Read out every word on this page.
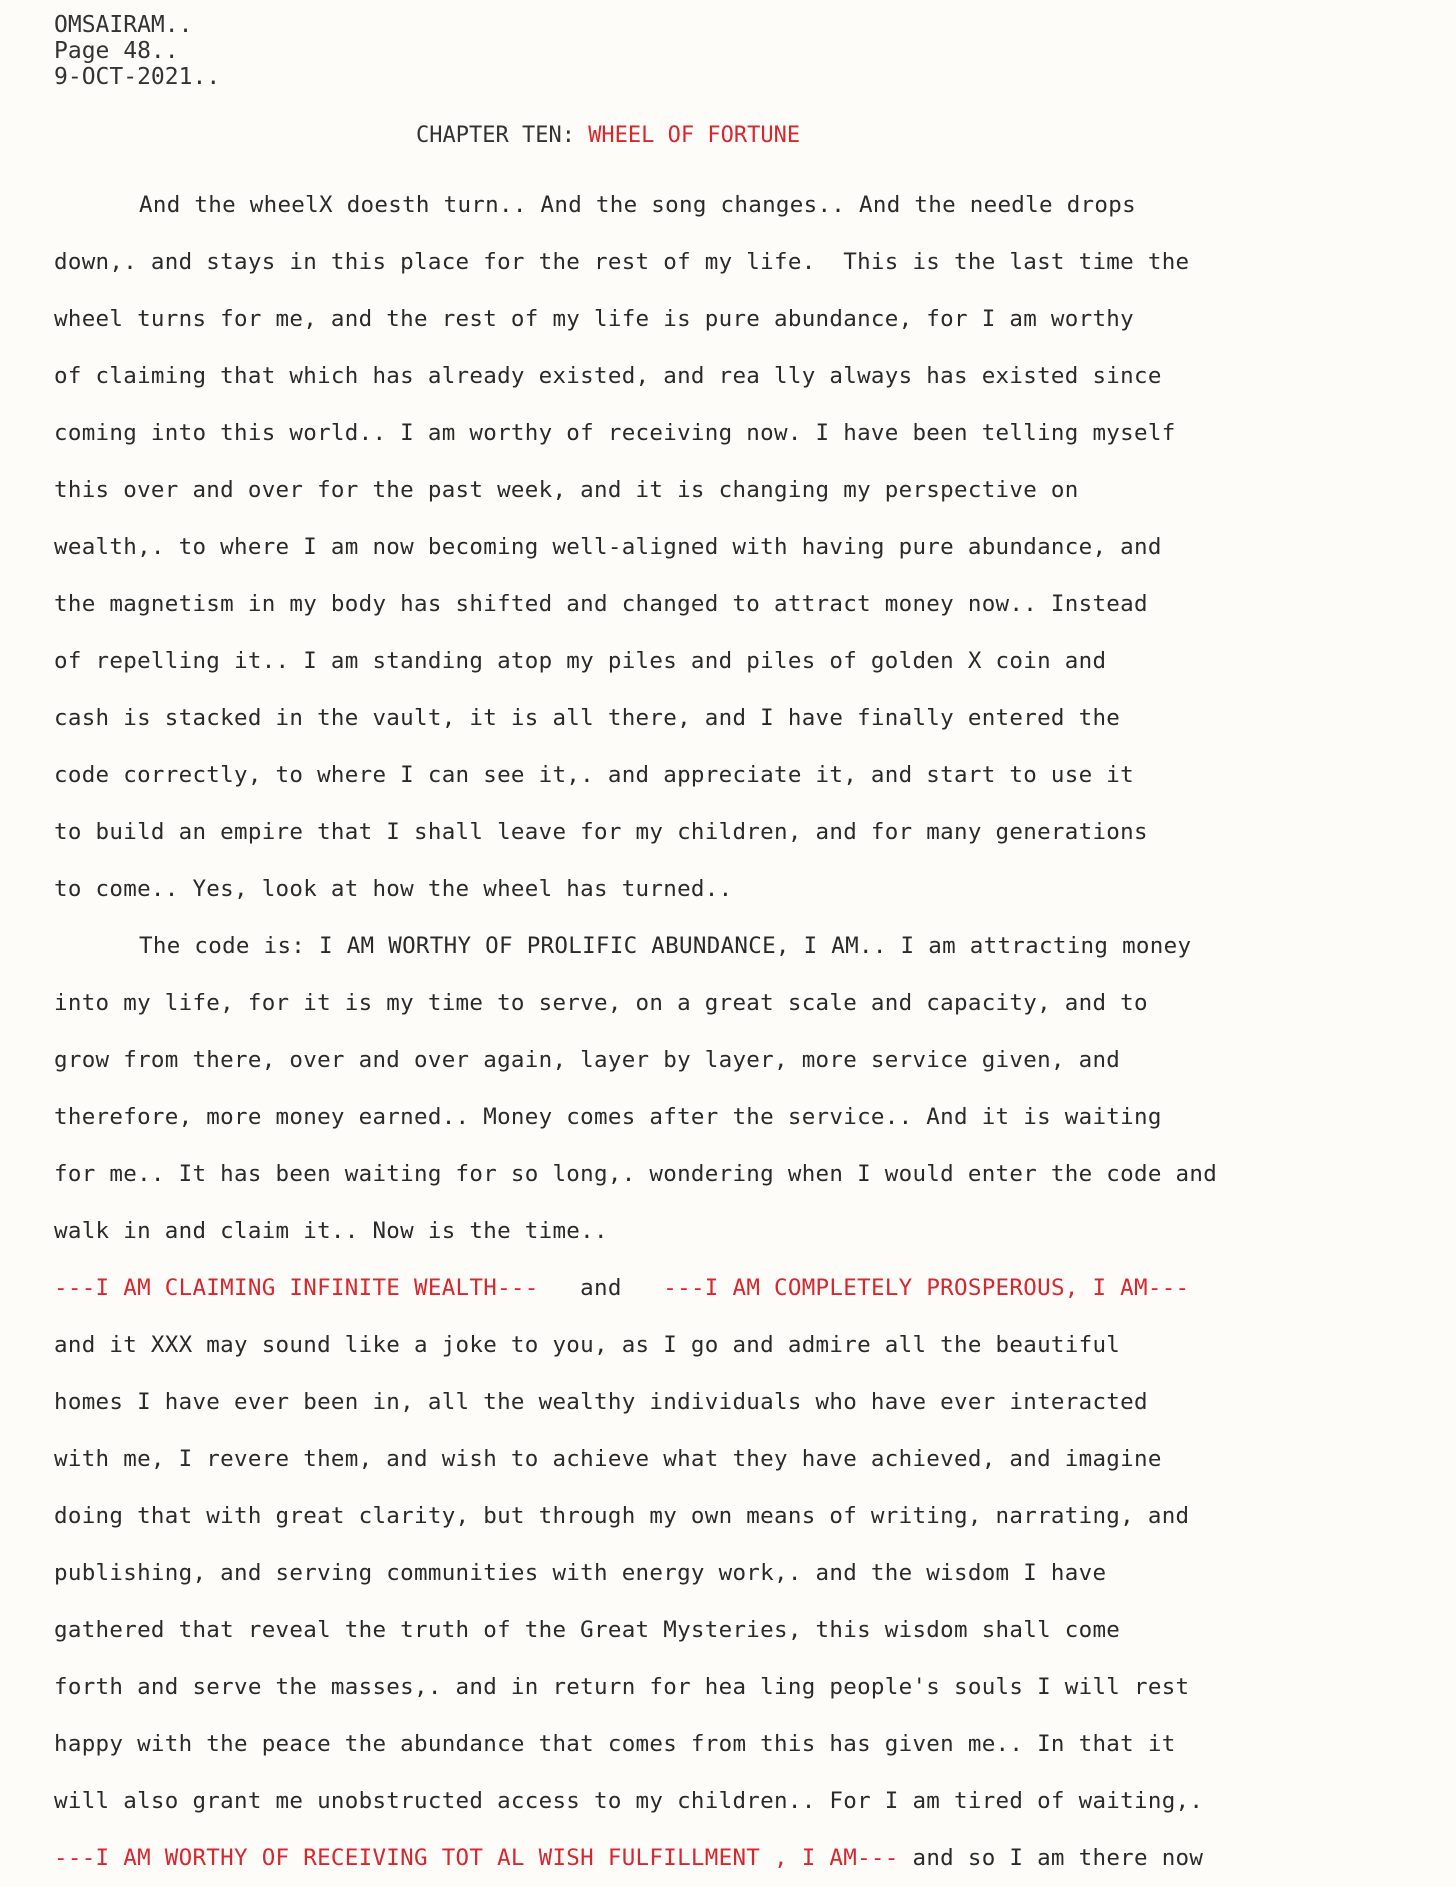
OMSAIRAM..
Page 48..
9-OCT-2021..
CHAPTER TEN: WHEEL OF FORTUNE
And the wheelX doesth turn.. And the song changes.. And the needle drops
down,. and stays in this place for the rest of my life.  This is the last time the
wheel turns for me, and the rest of my life is pure abundance, for I am worthy
of claiming that which has already existed, and rea lly always has existed since
coming into this world.. I am worthy of receiving now. I have been telling myself
this over and over for the past week, and it is changing my perspective on
wealth,. to where I am now becoming well-aligned with having pure abundance, and
the magnetism in my body has shifted and changed to attract money now.. Instead
of repelling it.. I am standing atop my piles and piles of golden X coin and
cash is stacked in the vault, it is all there, and I have finally entered the
code correctly, to where I can see it,. and appreciate it, and start to use it
to build an empire that I shall leave for my children, and for many generations
to come.. Yes, look at how the wheel has turned..
The code is: I AM WORTHY OF PROLIFIC ABUNDANCE, I AM.. I am attracting money
into my life, for it is my time to serve, on a great scale and capacity, and to
grow from there, over and over again, layer by layer, more service given, and
therefore, more money earned.. Money comes after the service.. And it is waiting
for me.. It has been waiting for so long,. wondering when I would enter the code and
walk in and claim it.. Now is the time..
---I AM CLAIMING INFINITE WEALTH---   and   ---I AM COMPLETELY PROSPEROUS, I AM---
and it XXX may sound like a joke to you, as I go and admire all the beautiful
homes I have ever been in, all the wealthy individuals who have ever interacted
with me, I revere them, and wish to achieve what they have achieved, and imagine
doing that with great clarity, but through my own means of writing, narrating, and
publishing, and serving communities with energy work,. and the wisdom I have
gathered that reveal the truth of the Great Mysteries, this wisdom shall come
forth and serve the masses,. and in return for hea ling people's souls I will rest
happy with the peace the abundance that comes from this has given me.. In that it
will also grant me unobstructed access to my children.. For I am tired of waiting,.
---I AM WORTHY OF RECEIVING TOT AL WISH FULFILLMENT , I AM--- and so I am there now
